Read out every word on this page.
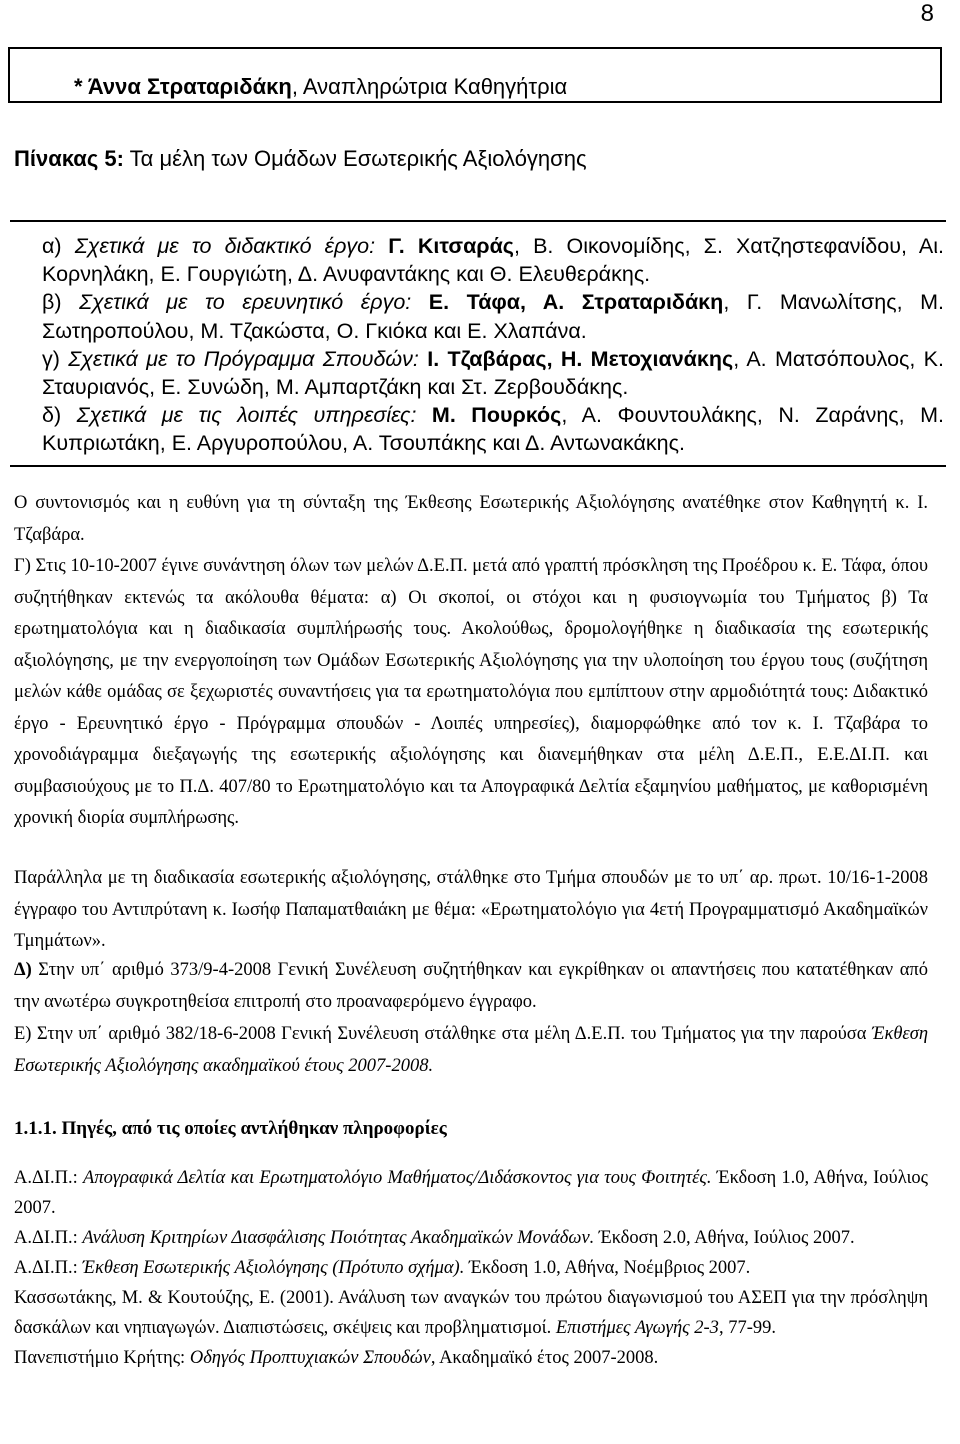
8
* Άννα Στραταριδάκη, Αναπληρώτρια Καθηγήτρια
Πίνακας 5: Τα μέλη των Ομάδων Εσωτερικής Αξιολόγησης

α) Σχετικά με το διδακτικό έργο: Γ. Κιτσαράς, Β. Οικονομίδης, Σ. Χατζηστεφανίδου, Αι. Κορνηλάκη, Ε. Γουργιώτη, Δ. Ανυφαντάκης και Θ. Ελευθεράκης.

β) Σχετικά με το ερευνητικό έργο: Ε. Τάφα, Α. Στραταριδάκη, Γ. Μανωλίτσης, Μ. Σωτηροπούλου, Μ. Τζακώστα, Ο. Γκιόκα και Ε. Χλαπάνα.

γ) Σχετικά με το Πρόγραμμα Σπουδών: Ι. Τζαβάρας, Η. Μετοχιανάκης, Α. Ματσόπουλος, Κ. Σταυριανός, Ε. Συνώδη, Μ. Αμπαρτζάκη και Στ. Ζερβουδάκης.

δ) Σχετικά με τις λοιπές υπηρεσίες: Μ. Πουρκός, Α. Φουντουλάκης, Ν. Ζαράνης, Μ. Κυπριωτάκη, Ε. Αργυροπούλου, Α. Τσουπάκης και Δ. Αντωνακάκης.

Ο συντονισμός και η ευθύνη για τη σύνταξη της Έκθεσης Εσωτερικής Αξιολόγησης ανατέθηκε στον Καθηγητή κ. Ι. Τζαβάρα.

Γ) Στις 10-10-2007 έγινε συνάντηση όλων των μελών Δ.Ε.Π. μετά από γραπτή πρόσκληση της Προέδρου κ. Ε. Τάφα, όπου συζητήθηκαν εκτενώς τα ακόλουθα θέματα: α) Οι σκοποί, οι στόχοι και η φυσιογνωμία του Τμήματος β) Τα ερωτηματολόγια και η διαδικασία συμπλήρωσής τους. Ακολούθως, δρομολογήθηκε η διαδικασία της εσωτερικής αξιολόγησης, με την ενεργοποίηση των Ομάδων Εσωτερικής Αξιολόγησης για την υλοποίηση του έργου τους (συζήτηση μελών κάθε ομάδας σε ξεχωριστές συναντήσεις για τα ερωτηματολόγια που εμπίπτουν στην αρμοδιότητά τους: Διδακτικό έργο - Ερευνητικό έργο - Πρόγραμμα σπουδών - Λοιπές υπηρεσίες), διαμορφώθηκε από τον κ. Ι. Τζαβάρα το χρονοδιάγραμμα διεξαγωγής της εσωτερικής αξιολόγησης και διανεμήθηκαν στα μέλη Δ.Ε.Π., Ε.Ε.ΔΙ.Π. και συμβασιούχους με το Π.Δ. 407/80 το Ερωτηματολόγιο και τα Απογραφικά Δελτία εξαμηνίου μαθήματος, με καθορισμένη χρονική διορία συμπλήρωσης.

Παράλληλα με τη διαδικασία εσωτερικής αξιολόγησης, στάλθηκε στο Τμήμα σπουδών με το υπ΄ αρ. πρωτ. 10/16-1-2008 έγγραφο του Αντιπρύτανη κ. Ιωσήφ Παπαματθαιάκη με θέμα: «Ερωτηματολόγιο για 4ετή Προγραμματισμό Ακαδημαϊκών Τμημάτων».

Δ) Στην υπ΄ αριθμό 373/9-4-2008 Γενική Συνέλευση συζητήθηκαν και εγκρίθηκαν οι απαντήσεις που κατατέθηκαν από την ανωτέρω συγκροτηθείσα επιτροπή στο προαναφερόμενο έγγραφο.

Ε) Στην υπ΄ αριθμό 382/18-6-2008 Γενική Συνέλευση στάλθηκε στα μέλη Δ.Ε.Π. του Τμήματος για την παρούσα Έκθεση Εσωτερικής Αξιολόγησης ακαδημαϊκού έτους 2007-2008.

1.1.1. Πηγές, από τις οποίες αντλήθηκαν πληροφορίες

Α.ΔΙ.Π.: Απογραφικά Δελτία και Ερωτηματολόγιο Μαθήματος/Διδάσκοντος για τους Φοιτητές. Έκδοση 1.0, Αθήνα, Ιούλιος 2007.

Α.ΔΙ.Π.: Ανάλυση Κριτηρίων Διασφάλισης Ποιότητας Ακαδημαϊκών Μονάδων. Έκδοση 2.0, Αθήνα, Ιούλιος 2007.

Α.ΔΙ.Π.: Έκθεση Εσωτερικής Αξιολόγησης (Πρότυπο σχήμα). Έκδοση 1.0, Αθήνα, Νοέμβριος 2007.

Κασσωτάκης, Μ. & Κουτούζης, Ε. (2001). Ανάλυση των αναγκών του πρώτου διαγωνισμού του ΑΣΕΠ για την πρόσληψη δασκάλων και νηπιαγωγών. Διαπιστώσεις, σκέψεις και προβληματισμοί. Επιστήμες Αγωγής 2-3, 77-99.

Πανεπιστήμιο Κρήτης: Οδηγός Προπτυχιακών Σπουδών, Ακαδημαϊκό έτος 2007-2008.
